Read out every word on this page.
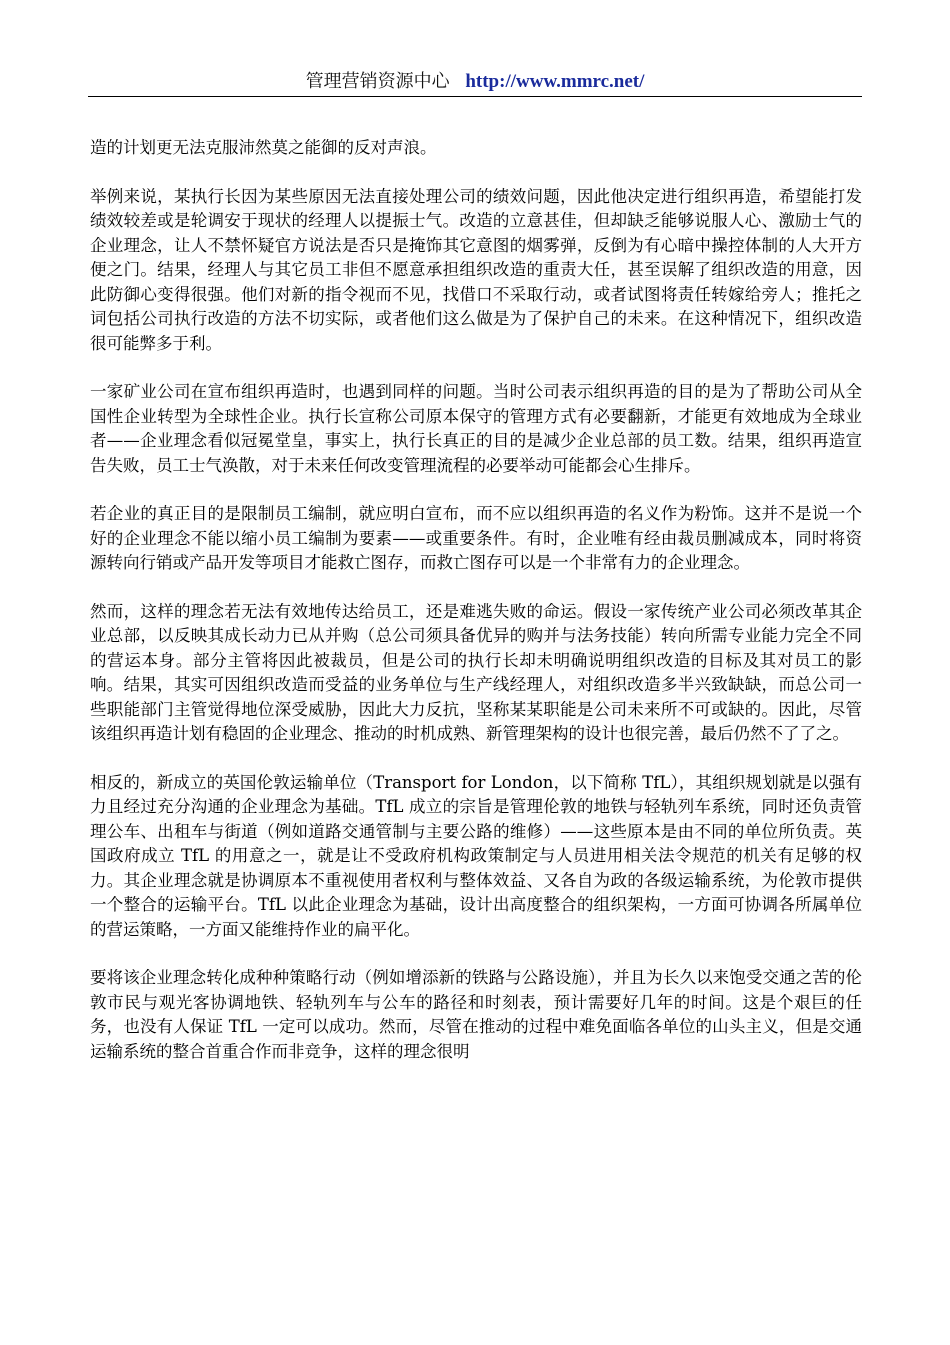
管理营销资源中心 http://www.mmrc.net/

造的计划更无法克服沛然莫之能御的反对声浪。

举例来说，某执行长因为某些原因无法直接处理公司的绩效问题，因此他决定进行组织再造，希望能打发绩效较差或是轮调安于现状的经理人以提振士气。改造的立意甚佳，但却缺乏能够说服人心、激励士气的企业理念，让人不禁怀疑官方说法是否只是掩饰其它意图的烟雾弹，反倒为有心暗中操控体制的人大开方便之门。结果，经理人与其它员工非但不愿意承担组织改造的重责大任，甚至误解了组织改造的用意，因此防御心变得很强。他们对新的指令视而不见，找借口不采取行动，或者试图将责任转嫁给旁人；推托之词包括公司执行改造的方法不切实际，或者他们这么做是为了保护自己的未来。在这种情况下，组织改造很可能弊多于利。

一家矿业公司在宣布组织再造时，也遇到同样的问题。当时公司表示组织再造的目的是为了帮助公司从全国性企业转型为全球性企业。执行长宣称公司原本保守的管理方式有必要翻新，才能更有效地成为全球业者——企业理念看似冠冕堂皇，事实上，执行长真正的目的是减少企业总部的员工数。结果，组织再造宣告失败，员工士气涣散，对于未来任何改变管理流程的必要举动可能都会心生排斥。

若企业的真正目的是限制员工编制，就应明白宣布，而不应以组织再造的名义作为粉饰。这并不是说一个好的企业理念不能以缩小员工编制为要素——或重要条件。有时，企业唯有经由裁员删减成本，同时将资源转向行销或产品开发等项目才能救亡图存，而救亡图存可以是一个非常有力的企业理念。

然而，这样的理念若无法有效地传达给员工，还是难逃失败的命运。假设一家传统产业公司必须改革其企业总部，以反映其成长动力已从并购（总公司须具备优异的购并与法务技能）转向所需专业能力完全不同的营运本身。部分主管将因此被裁员，但是公司的执行长却未明确说明组织改造的目标及其对员工的影响。结果，其实可因组织改造而受益的业务单位与生产线经理人，对组织改造多半兴致缺缺，而总公司一些职能部门主管觉得地位深受威胁，因此大力反抗，坚称某某职能是公司未来所不可或缺的。因此，尽管该组织再造计划有稳固的企业理念、推动的时机成熟、新管理架构的设计也很完善，最后仍然不了了之。

相反的，新成立的英国伦敦运输单位（Transport for London，以下简称 TfL），其组织规划就是以强有力且经过充分沟通的企业理念为基础。TfL 成立的宗旨是管理伦敦的地铁与轻轨列车系统，同时还负责管理公车、出租车与街道（例如道路交通管制与主要公路的维修）——这些原本是由不同的单位所负责。英国政府成立 TfL 的用意之一，就是让不受政府机构政策制定与人员进用相关法令规范的机关有足够的权力。其企业理念就是协调原本不重视使用者权利与整体效益、又各自为政的各级运输系统，为伦敦市提供一个整合的运输平台。TfL 以此企业理念为基础，设计出高度整合的组织架构，一方面可协调各所属单位的营运策略，一方面又能维持作业的扁平化。

要将该企业理念转化成种种策略行动（例如增添新的铁路与公路设施），并且为长久以来饱受交通之苦的伦敦市民与观光客协调地铁、轻轨列车与公车的路径和时刻表，预计需要好几年的时间。这是个艰巨的任务，也没有人保证 TfL 一定可以成功。然而，尽管在推动的过程中难免面临各单位的山头主义，但是交通运输系统的整合首重合作而非竞争，这样的理念很明
